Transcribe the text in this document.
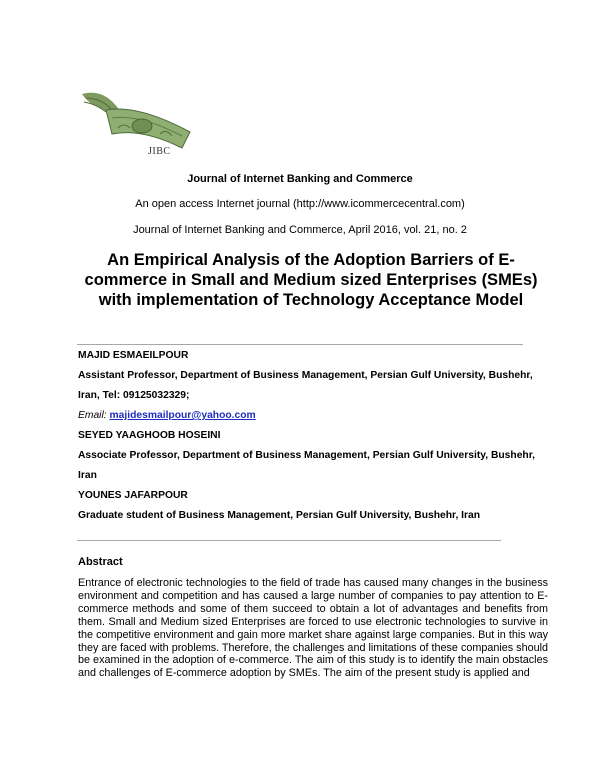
JIBC
Journal of Internet Banking and Commerce
An open access Internet journal (http://www.icommercecentral.com)
Journal of Internet Banking and Commerce, April 2016, vol. 21, no. 2
An Empirical Analysis of the Adoption Barriers of E-commerce in Small and Medium sized Enterprises (SMEs) with implementation of Technology Acceptance Model
MAJID ESMAEILPOUR
Assistant Professor, Department of Business Management, Persian Gulf University, Bushehr, Iran, Tel: 09125032329;
Email: majidesmailpour@yahoo.com
SEYED YAAGHOOB HOSEINI
Associate Professor, Department of Business Management, Persian Gulf University, Bushehr, Iran
YOUNES JAFARPOUR
Graduate student of Business Management, Persian Gulf University, Bushehr, Iran
Abstract
Entrance of electronic technologies to the field of trade has caused many changes in the business environment and competition and has caused a large number of companies to pay attention to E-commerce methods and some of them succeed to obtain a lot of advantages and benefits from them. Small and Medium sized Enterprises are forced to use electronic technologies to survive in the competitive environment and gain more market share against large companies. But in this way they are faced with problems. Therefore, the challenges and limitations of these companies should be examined in the adoption of e-commerce. The aim of this study is to identify the main obstacles and challenges of E-commerce adoption by SMEs. The aim of the present study is applied and
